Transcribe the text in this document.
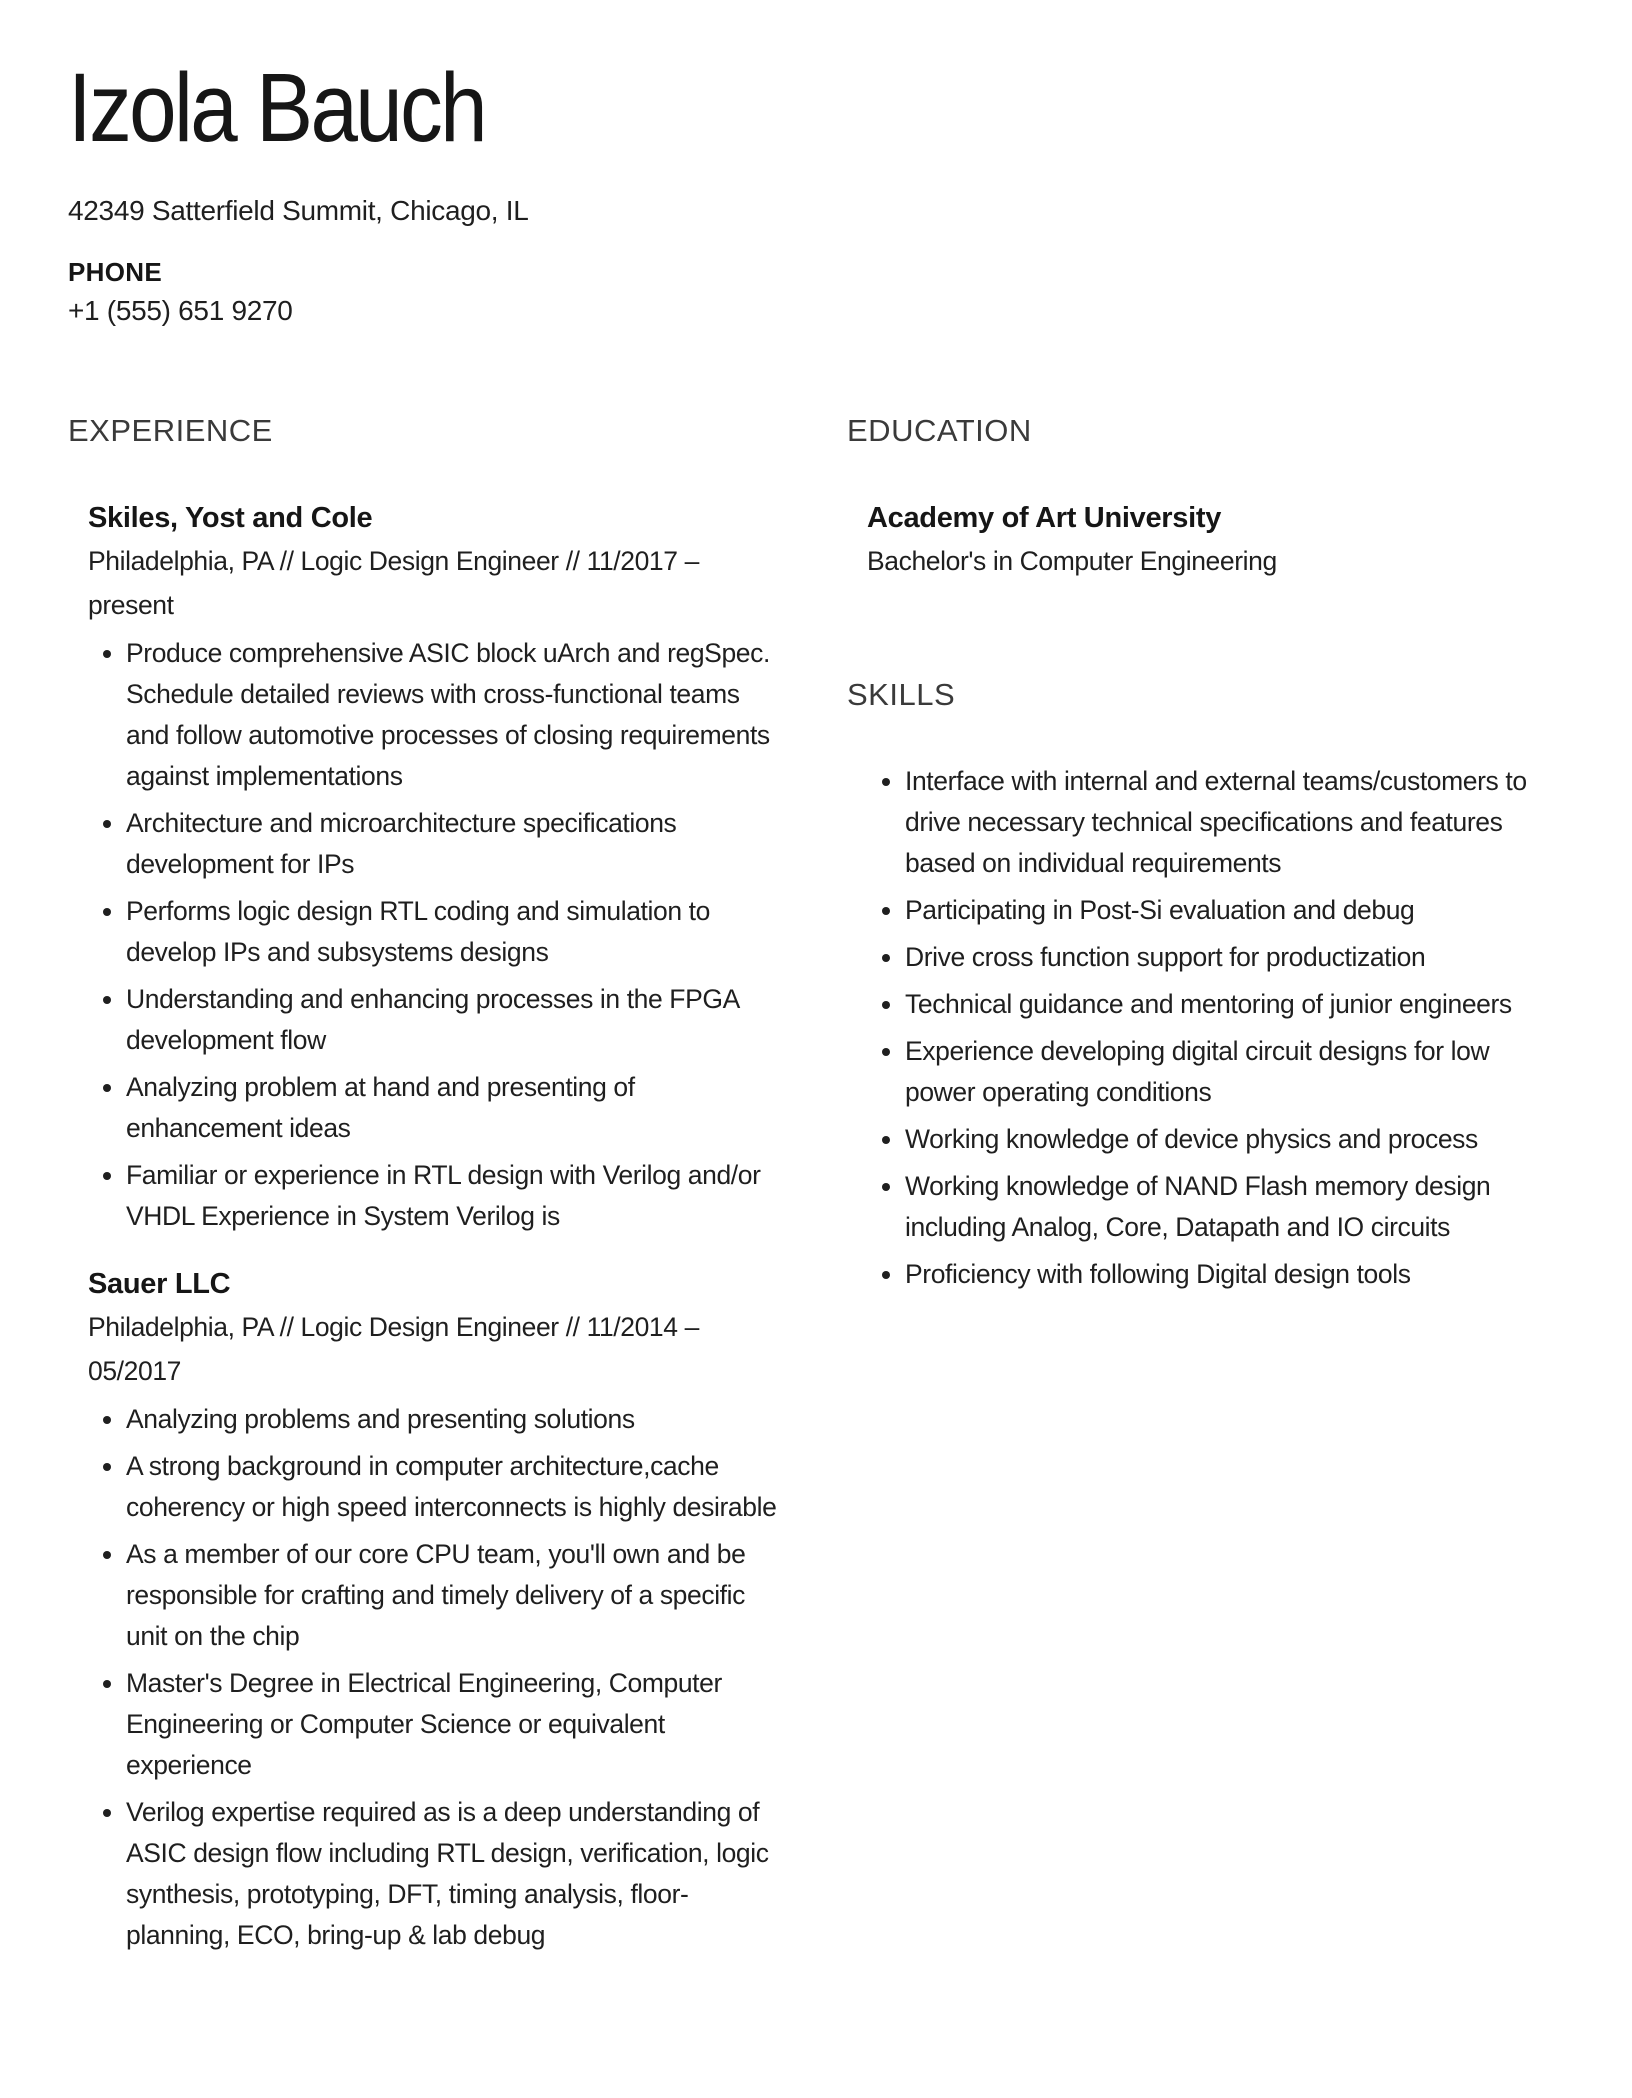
Izola Bauch

42349 Satterfield Summit, Chicago, IL

PHONE

+1 (555) 651 9270

EXPERIENCE
Skiles, Yost and Cole

Philadelphia, PA // Logic Design Engineer // 11/2017 – present

• Produce comprehensive ASIC block uArch and regSpec. Schedule detailed reviews with cross-functional teams and follow automotive processes of closing requirements against implementations
• Architecture and microarchitecture specifications development for IPs
• Performs logic design RTL coding and simulation to develop IPs and subsystems designs
• Understanding and enhancing processes in the FPGA development flow
• Analyzing problem at hand and presenting of enhancement ideas
• Familiar or experience in RTL design with Verilog and/or VHDL Experience in System Verilog is
Sauer LLC

Philadelphia, PA // Logic Design Engineer // 11/2014 – 05/2017

• Analyzing problems and presenting solutions
• A strong background in computer architecture,cache coherency or high speed interconnects is highly desirable
• As a member of our core CPU team, you'll own and be responsible for crafting and timely delivery of a specific unit on the chip
• Master's Degree in Electrical Engineering, Computer Engineering or Computer Science or equivalent experience
• Verilog expertise required as is a deep understanding of ASIC design flow including RTL design, verification, logic synthesis, prototyping, DFT, timing analysis, floor-planning, ECO, bring-up & lab debug
EDUCATION
Academy of Art University

Bachelor's in Computer Engineering

SKILLS
• Interface with internal and external teams/customers to drive necessary technical specifications and features based on individual requirements
• Participating in Post-Si evaluation and debug
• Drive cross function support for productization
• Technical guidance and mentoring of junior engineers
• Experience developing digital circuit designs for low power operating conditions
• Working knowledge of device physics and process
• Working knowledge of NAND Flash memory design including Analog, Core, Datapath and IO circuits
• Proficiency with following Digital design tools
